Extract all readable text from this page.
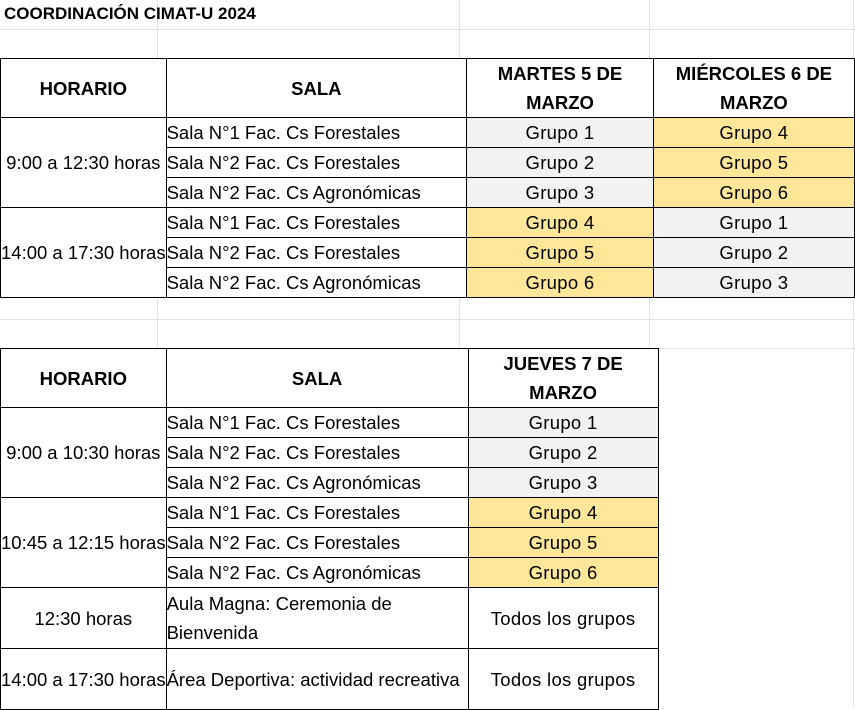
COORDINACIÓN CIMAT-U 2024
HORARIO	SALA	MARTES 5 DE MARZO	MIÉRCOLES 6 DE MARZO
9:00 a 12:30 horas	Sala N°1 Fac. Cs Forestales	Grupo 1	Grupo 4
	Sala N°2 Fac. Cs Forestales	Grupo 2	Grupo 5
	Sala N°2 Fac. Cs Agronómicas	Grupo 3	Grupo 6
14:00 a 17:30 horas	Sala N°1 Fac. Cs Forestales	Grupo 4	Grupo 1
	Sala N°2 Fac. Cs Forestales	Grupo 5	Grupo 2
	Sala N°2 Fac. Cs Agronómicas	Grupo 6	Grupo 3
HORARIO	SALA	JUEVES 7 DE MARZO
9:00 a 10:30 horas	Sala N°1 Fac. Cs Forestales	Grupo 1
	Sala N°2 Fac. Cs Forestales	Grupo 2
	Sala N°2 Fac. Cs Agronómicas	Grupo 3
10:45 a 12:15 horas	Sala N°1 Fac. Cs Forestales	Grupo 4
	Sala N°2 Fac. Cs Forestales	Grupo 5
	Sala N°2 Fac. Cs Agronómicas	Grupo 6
12:30 horas	Aula Magna: Ceremonia de Bienvenida	Todos los grupos
14:00 a 17:30 horas	Área Deportiva: actividad recreativa	Todos los grupos
